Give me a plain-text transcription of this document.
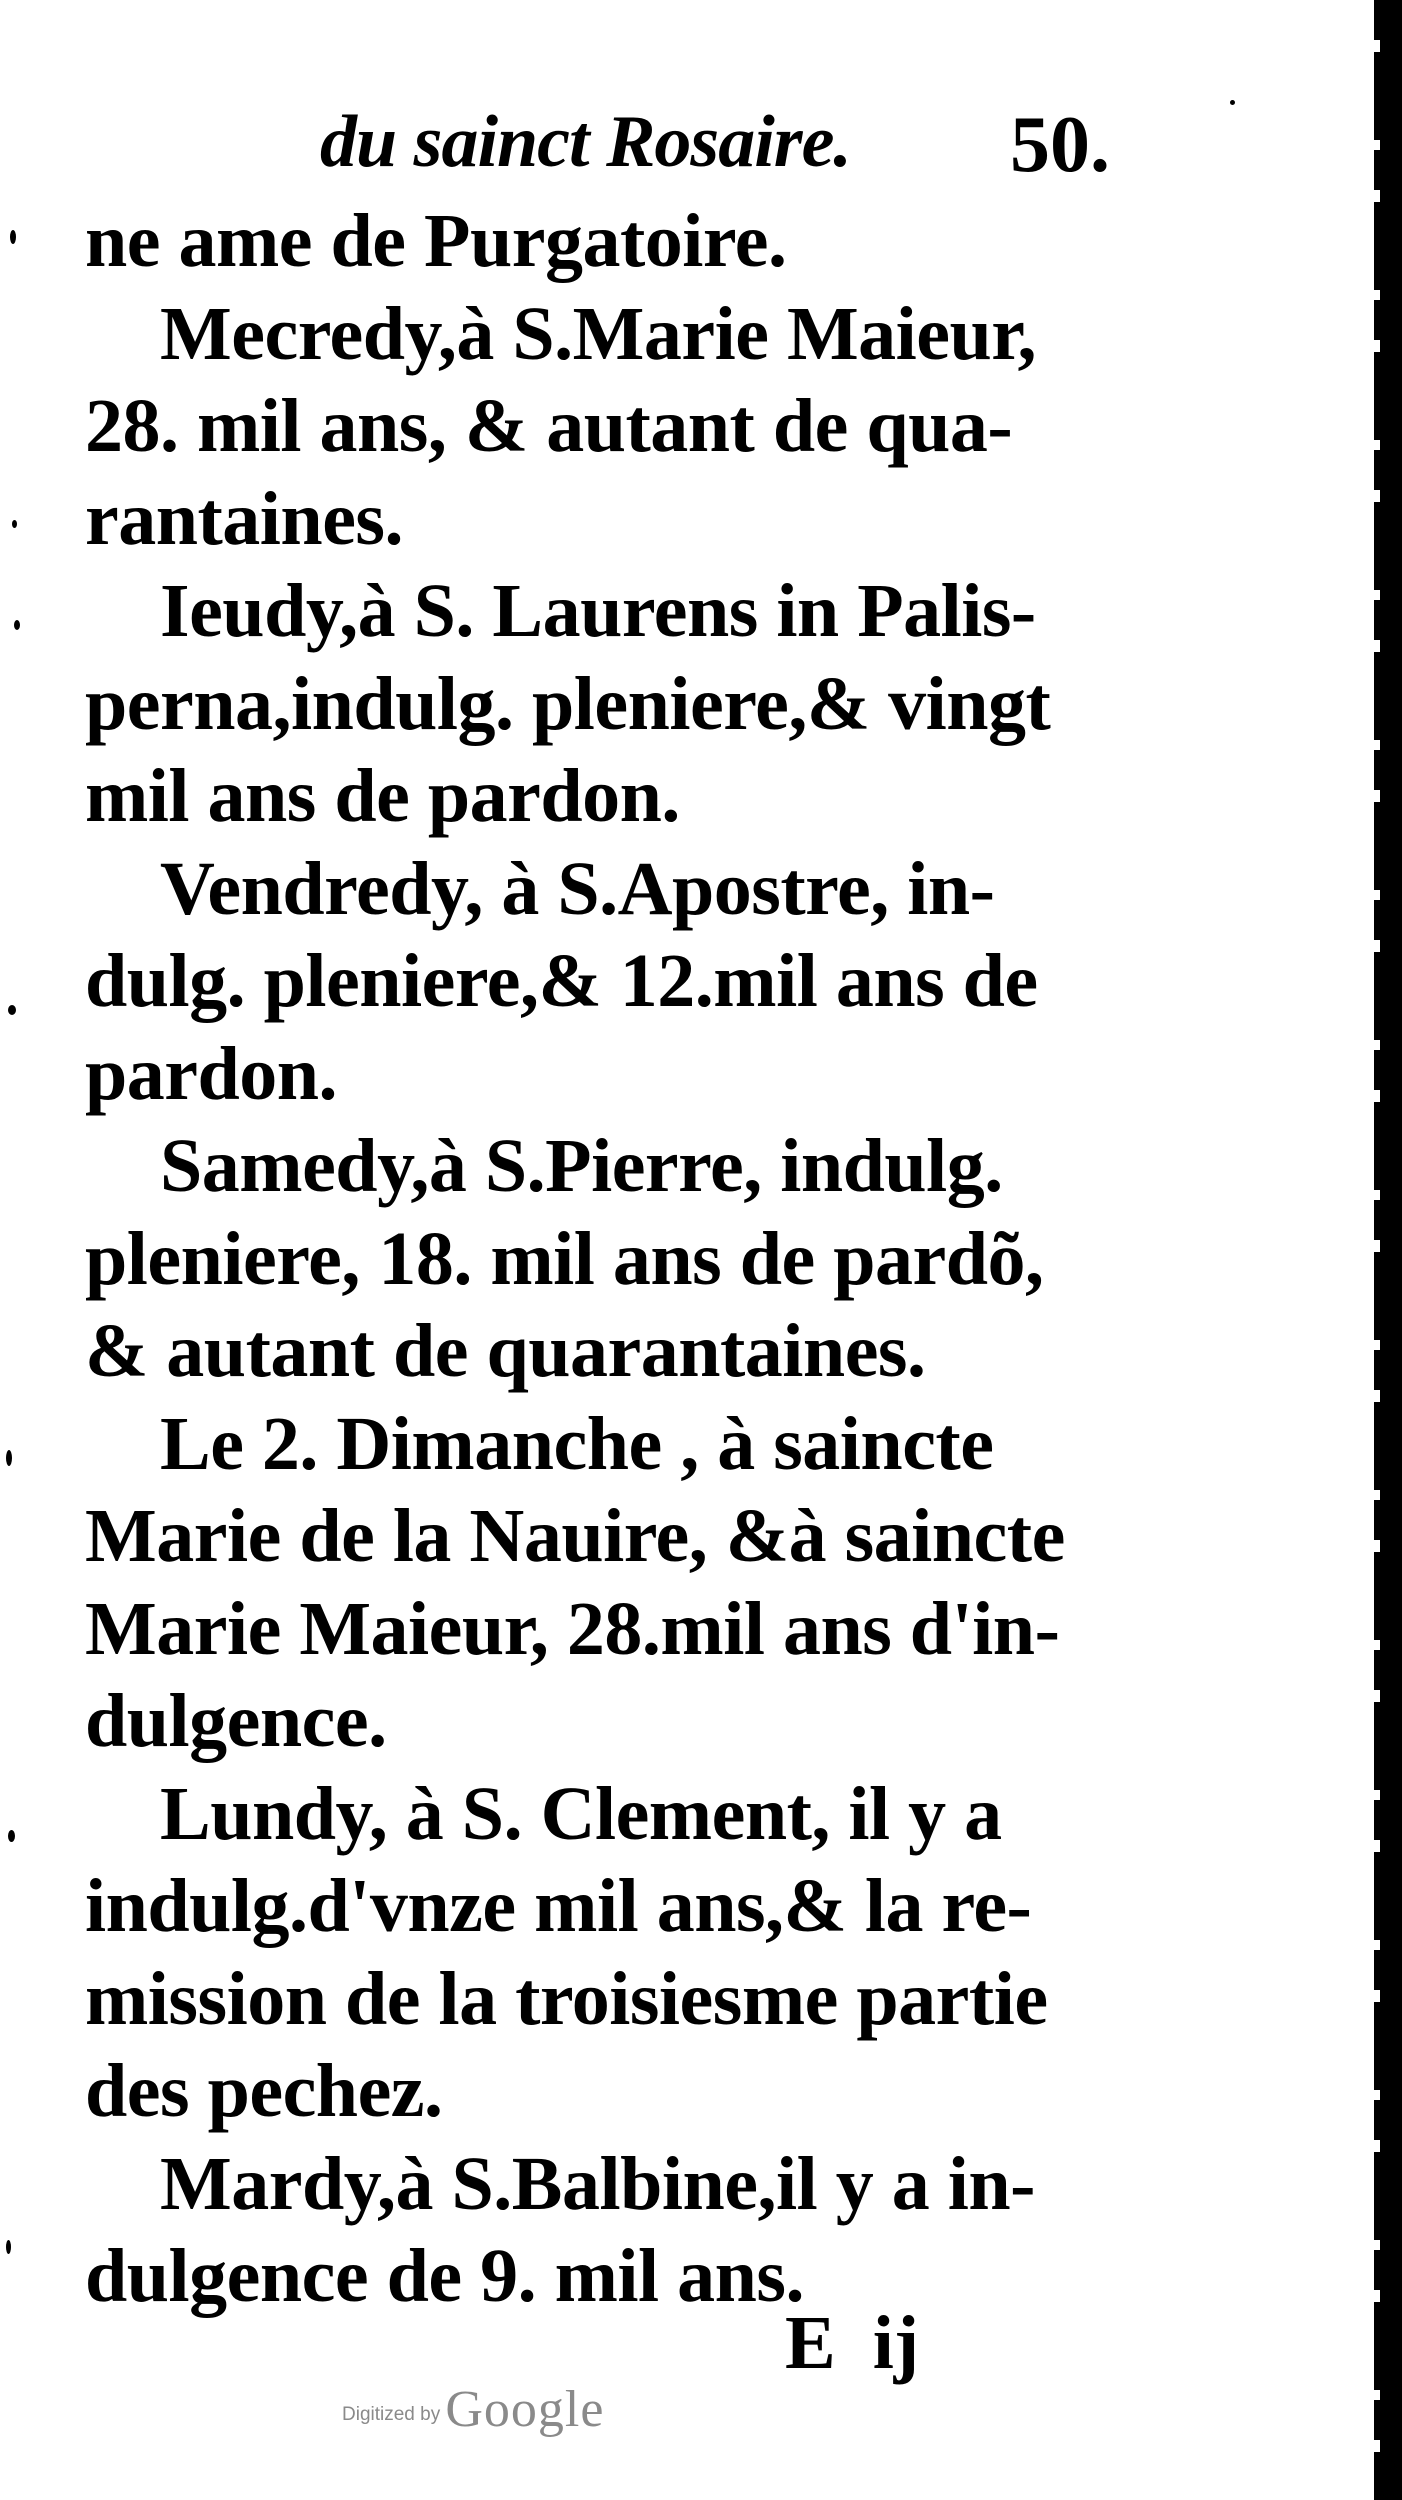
du sainct Rosaire. 50.
ne ame de Purgatoire.
Mecredy,à S.Marie Maieur,
28. mil ans, & autant de qua-
rantaines.
Ieudy,à S. Laurens in Palis-
perna,indulg. pleniere,& vingt
mil ans de pardon.
Vendredy, à S.Apostre, in-
dulg. pleniere,& 12.mil ans de
pardon.
Samedy,à S.Pierre, indulg.
pleniere, 18. mil ans de pardõ,
& autant de quarantaines.
Le 2. Dimanche , à saincte
Marie de la Nauire, &à saincte
Marie Maieur, 28.mil ans d'in-
dulgence.
Lundy, à S. Clement, il y a
indulg.d'vnze mil ans,& la re-
mission de la troisiesme partie
des pechez.
Mardy,à S.Balbine,il y a in-
dulgence de 9. mil ans.
E ij
Digitized by Google
